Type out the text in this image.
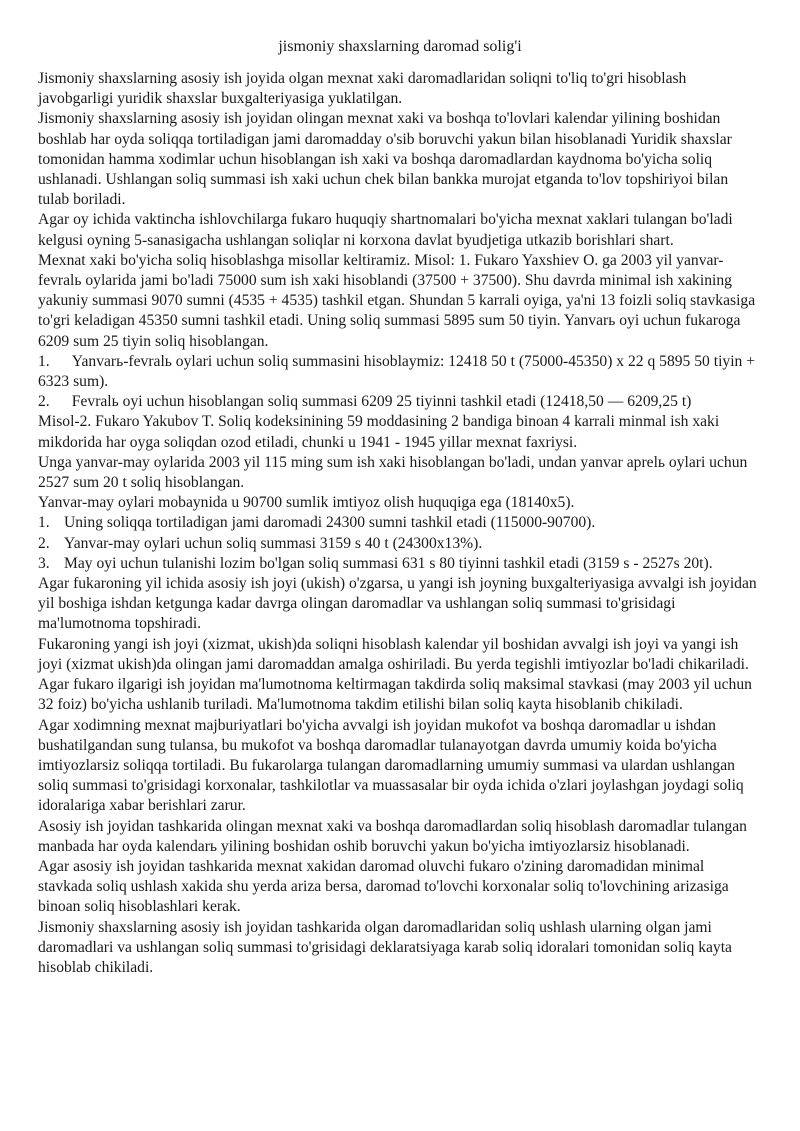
jismoniy shaxslarning daromad solig'i

Jismoniy shaxslarning asosiy ish joyida olgan mexnat xaki daromadlaridan soliqni to'liq to'gri hisoblash javobgarligi yuridik shaxslar buxgalteriyasiga yuklatilgan.

Jismoniy shaxslarning asosiy ish joyidan olingan mexnat xaki va boshqa to'lovlari kalendar yilining boshidan boshlab har oyda soliqqa tortiladigan jami daromadday o'sib boruvchi yakun bilan hisoblanadi Yuridik shaxslar tomonidan hamma xodimlar uchun hisoblangan ish xaki va boshqa daromadlardan kaydnoma bo'yicha soliq ushlanadi. Ushlangan soliq summasi ish xaki uchun chek bilan bankka murojat etganda to'lov topshiriyoi bilan tulab boriladi.

Agar oy ichida vaktincha ishlovchilarga fukaro huquqiy shartnomalari bo'yicha mexnat xaklari tulangan bo'ladi kelgusi oyning 5-sanasigacha ushlangan soliqlar ni korxona davlat byudjetiga utkazib borishlari shart.

Mexnat xaki bo'yicha soliq hisoblashga misollar keltiramiz. Misol: 1. Fukaro Yaxshiev O. ga 2003 yil yanvar-fevralь oylarida jami bo'ladi 75000 sum ish xaki hisoblandi (37500 + 37500). Shu davrda minimal ish xakining yakuniy summasi 9070 sumni (4535 + 4535) tashkil etgan. Shundan 5 karrali oyiga, ya'ni 13 foizli soliq stavkasiga to'gri keladigan 45350 sumni tashkil etadi. Uning soliq summasi 5895 sum 50 tiyin. Yanvarь oyi uchun fukaroga 6209 sum 25 tiyin soliq hisoblangan.

1. Yanvarь-fevralь oylari uchun soliq summasini hisoblaymiz: 12418 50 t (75000-45350) x 22 q 5895 50 tiyin + 6323 sum).

2. Fevralь oyi uchun hisoblangan soliq summasi 6209 25 tiyinni tashkil etadi (12418,50 — 6209,25 t)

Misol-2. Fukaro Yakubov T. Soliq kodeksinining 59 moddasining 2 bandiga binoan 4 karrali minmal ish xaki mikdorida har oyga soliqdan ozod etiladi, chunki u 1941 - 1945 yillar mexnat faxriysi.

Unga yanvar-may oylarida 2003 yil 115 ming sum ish xaki hisoblangan bo'ladi, undan yanvar aprelь oylari uchun 2527 sum 20 t soliq hisoblangan.

Yanvar-may oylari mobaynida u 90700 sumlik imtiyoz olish huquqiga ega (18140x5).

1. Uning soliqqa tortiladigan jami daromadi 24300 sumni tashkil etadi (115000-90700).

2. Yanvar-may oylari uchun soliq summasi 3159 s 40 t (24300x13%).

3. May oyi uchun tulanishi lozim bo'lgan soliq summasi 631 s 80 tiyinni tashkil etadi (3159 s - 2527s 20t).

Agar fukaroning yil ichida asosiy ish joyi (ukish) o'zgarsa, u yangi ish joyning buxgalteriyasiga avvalgi ish joyidan yil boshiga ishdan ketgunga kadar davrga olingan daromadlar va ushlangan soliq summasi to'grisidagi ma'lumotnoma topshiradi.

Fukaroning yangi ish joyi (xizmat, ukish)da soliqni hisoblash kalendar yil boshidan avvalgi ish joyi va yangi ish joyi (xizmat ukish)da olingan jami daromaddan amalga oshiriladi. Bu yerda tegishli imtiyozlar bo'ladi chikariladi.

Agar fukaro ilgarigi ish joyidan ma'lumotnoma keltirmagan takdirda soliq maksimal stavkasi (may 2003 yil uchun 32 foiz) bo'yicha ushlanib turiladi. Ma'lumotnoma takdim etilishi bilan soliq kayta hisoblanib chikiladi.

Agar xodimning mexnat majburiyatlari bo'yicha avvalgi ish joyidan mukofot va boshqa daromadlar u ishdan bushatilgandan sung tulansa, bu mukofot va boshqa daromadlar tulanayotgan davrda umumiy koida bo'yicha imtiyozlarsiz soliqqa tortiladi. Bu fukarolarga tulangan daromadlarning umumiy summasi va ulardan ushlangan soliq summasi to'grisidagi korxonalar, tashkilotlar va muassasalar bir oyda ichida o'zlari joylashgan joydagi soliq idoralariga xabar berishlari zarur.

Asosiy ish joyidan tashkarida olingan mexnat xaki va boshqa daromadlardan soliq hisoblash daromadlar tulangan manbada har oyda kalendarь yilining boshidan oshib boruvchi yakun bo'yicha imtiyozlarsiz hisoblanadi.

Agar asosiy ish joyidan tashkarida mexnat xakidan daromad oluvchi fukaro o'zining daromadidan minimal stavkada soliq ushlash xakida shu yerda ariza bersa, daromad to'lovchi korxonalar soliq to'lovchining arizasiga binoan soliq hisoblashlari kerak.

Jismoniy shaxslarning asosiy ish joyidan tashkarida olgan daromadlaridan soliq ushlash ularning olgan jami daromadlari va ushlangan soliq summasi to'grisidagi deklaratsiyaga karab soliq idoralari tomonidan soliq kayta hisoblab chikiladi.
